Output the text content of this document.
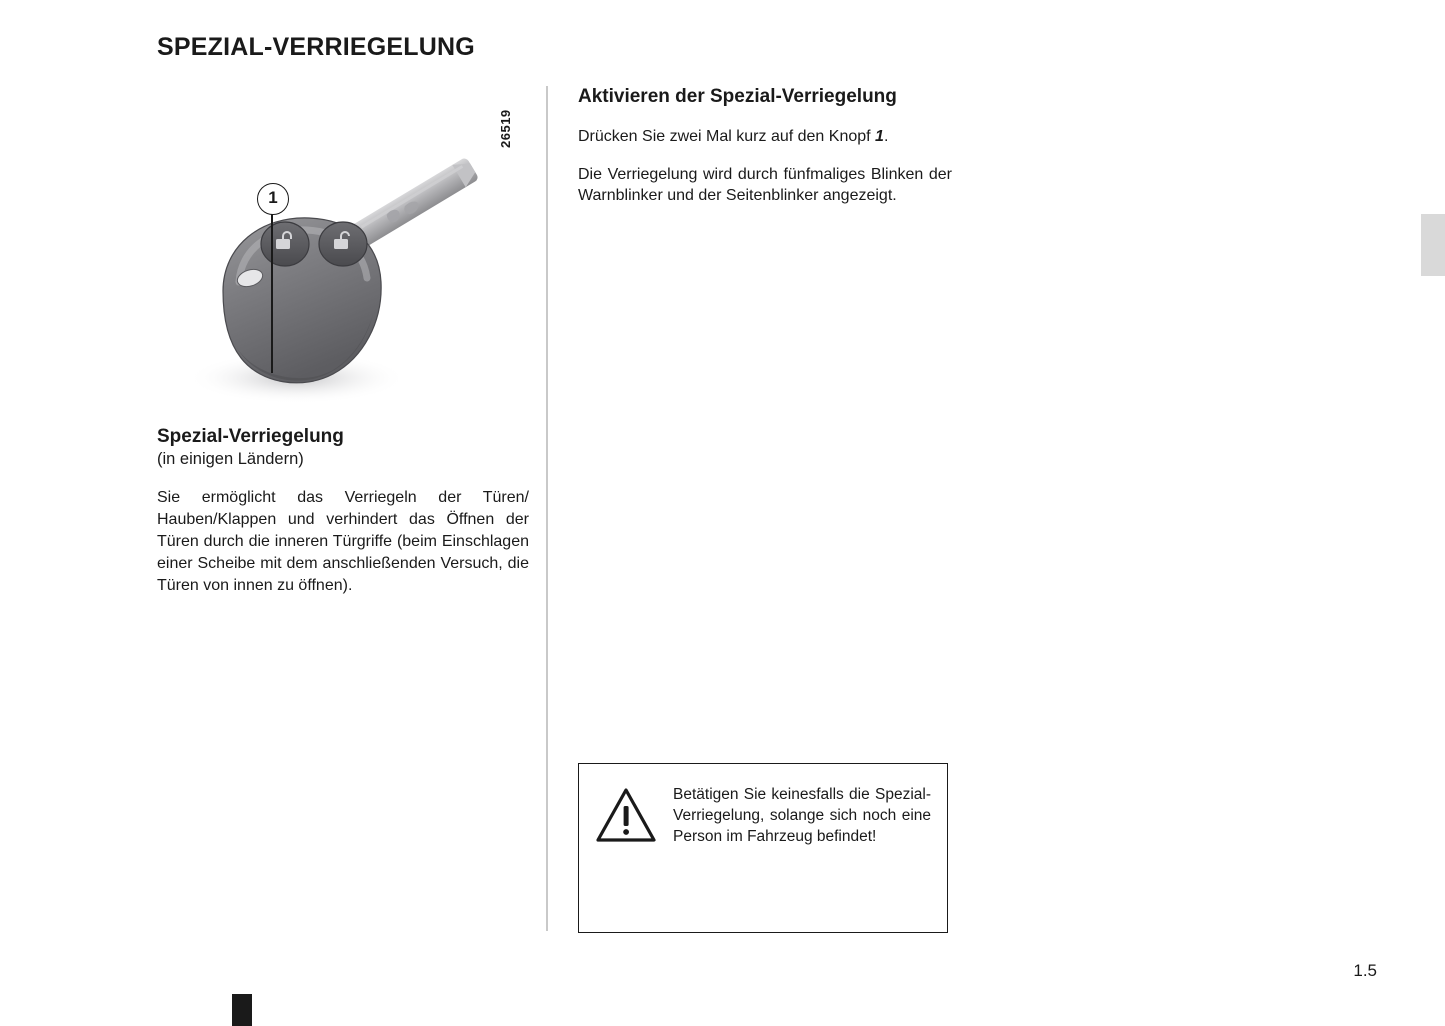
SPEZIAL-VERRIEGELUNG
26519
1
Spezial-Verriegelung
(in einigen Ländern)
Sie ermöglicht das Verriegeln der Türen/ Hauben/Klappen und verhindert das Öffnen der Türen durch die inneren Türgriffe (beim Einschlagen einer Scheibe mit dem anschließenden Versuch, die Türen von innen zu öffnen).
Aktivieren der Spezial-Verriegelung
Drücken Sie zwei Mal kurz auf den Knopf 1.
Die Verriegelung wird durch fünfmaliges Blinken der Warnblinker und der Seitenblinker angezeigt.
Betätigen Sie keinesfalls die Spezial-Verriegelung, solange sich noch eine Person im Fahrzeug befindet!
1.5
